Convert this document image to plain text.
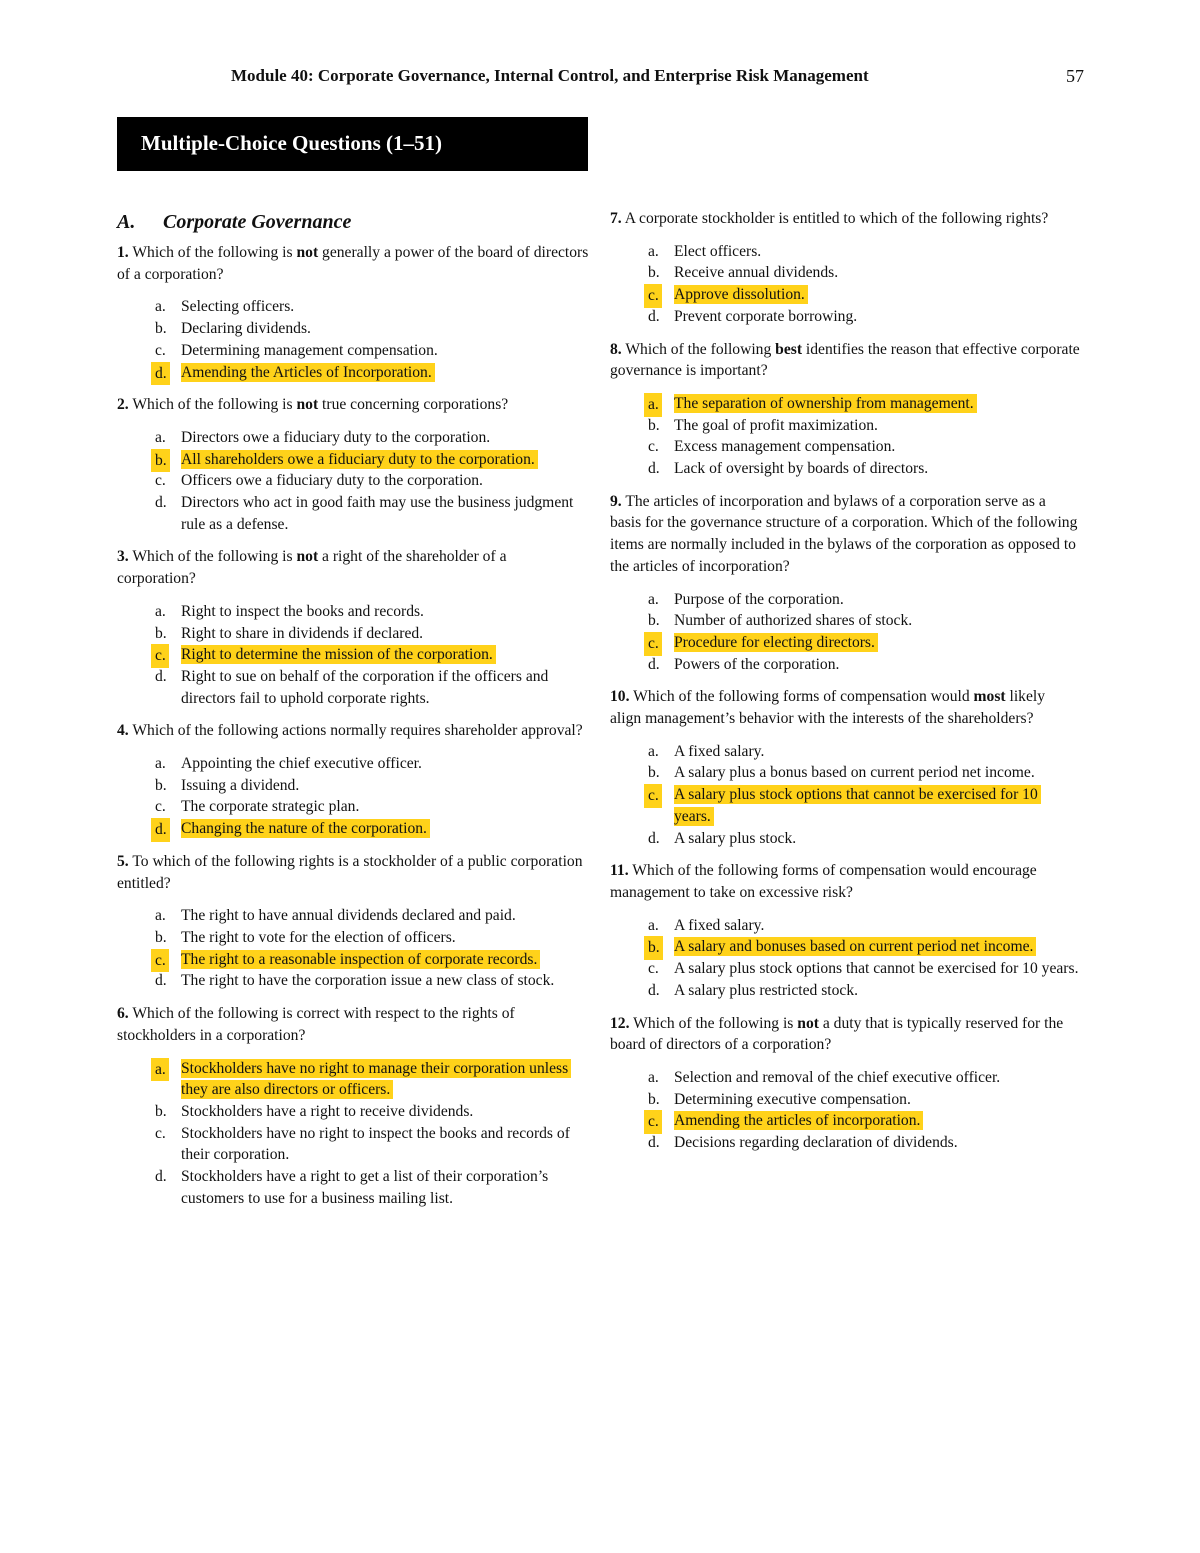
Module 40: Corporate Governance, Internal Control, and Enterprise Risk Management	57
Multiple-Choice Questions (1–51)
A. Corporate Governance
1. Which of the following is not generally a power of the board of directors of a corporation?
a. Selecting officers.
b. Declaring dividends.
c. Determining management compensation.
d. Amending the Articles of Incorporation.
2. Which of the following is not true concerning corporations?
a. Directors owe a fiduciary duty to the corporation.
b. All shareholders owe a fiduciary duty to the corporation.
c. Officers owe a fiduciary duty to the corporation.
d. Directors who act in good faith may use the business judgment rule as a defense.
3. Which of the following is not a right of the shareholder of a corporation?
a. Right to inspect the books and records.
b. Right to share in dividends if declared.
c. Right to determine the mission of the corporation.
d. Right to sue on behalf of the corporation if the officers and directors fail to uphold corporate rights.
4. Which of the following actions normally requires shareholder approval?
a. Appointing the chief executive officer.
b. Issuing a dividend.
c. The corporate strategic plan.
d. Changing the nature of the corporation.
5. To which of the following rights is a stockholder of a public corporation entitled?
a. The right to have annual dividends declared and paid.
b. The right to vote for the election of officers.
c. The right to a reasonable inspection of corporate records.
d. The right to have the corporation issue a new class of stock.
6. Which of the following is correct with respect to the rights of stockholders in a corporation?
a. Stockholders have no right to manage their corporation unless they are also directors or officers.
b. Stockholders have a right to receive dividends.
c. Stockholders have no right to inspect the books and records of their corporation.
d. Stockholders have a right to get a list of their corporation’s customers to use for a business mailing list.
7. A corporate stockholder is entitled to which of the following rights?
a. Elect officers.
b. Receive annual dividends.
c. Approve dissolution.
d. Prevent corporate borrowing.
8. Which of the following best identifies the reason that effective corporate governance is important?
a. The separation of ownership from management.
b. The goal of profit maximization.
c. Excess management compensation.
d. Lack of oversight by boards of directors.
9. The articles of incorporation and bylaws of a corporation serve as a basis for the governance structure of a corporation. Which of the following items are normally included in the bylaws of the corporation as opposed to the articles of incorporation?
a. Purpose of the corporation.
b. Number of authorized shares of stock.
c. Procedure for electing directors.
d. Powers of the corporation.
10. Which of the following forms of compensation would most likely align management’s behavior with the interests of the shareholders?
a. A fixed salary.
b. A salary plus a bonus based on current period net income.
c. A salary plus stock options that cannot be exercised for 10 years.
d. A salary plus stock.
11. Which of the following forms of compensation would encourage management to take on excessive risk?
a. A fixed salary.
b. A salary and bonuses based on current period net income.
c. A salary plus stock options that cannot be exercised for 10 years.
d. A salary plus restricted stock.
12. Which of the following is not a duty that is typically reserved for the board of directors of a corporation?
a. Selection and removal of the chief executive officer.
b. Determining executive compensation.
c. Amending the articles of incorporation.
d. Decisions regarding declaration of dividends.
